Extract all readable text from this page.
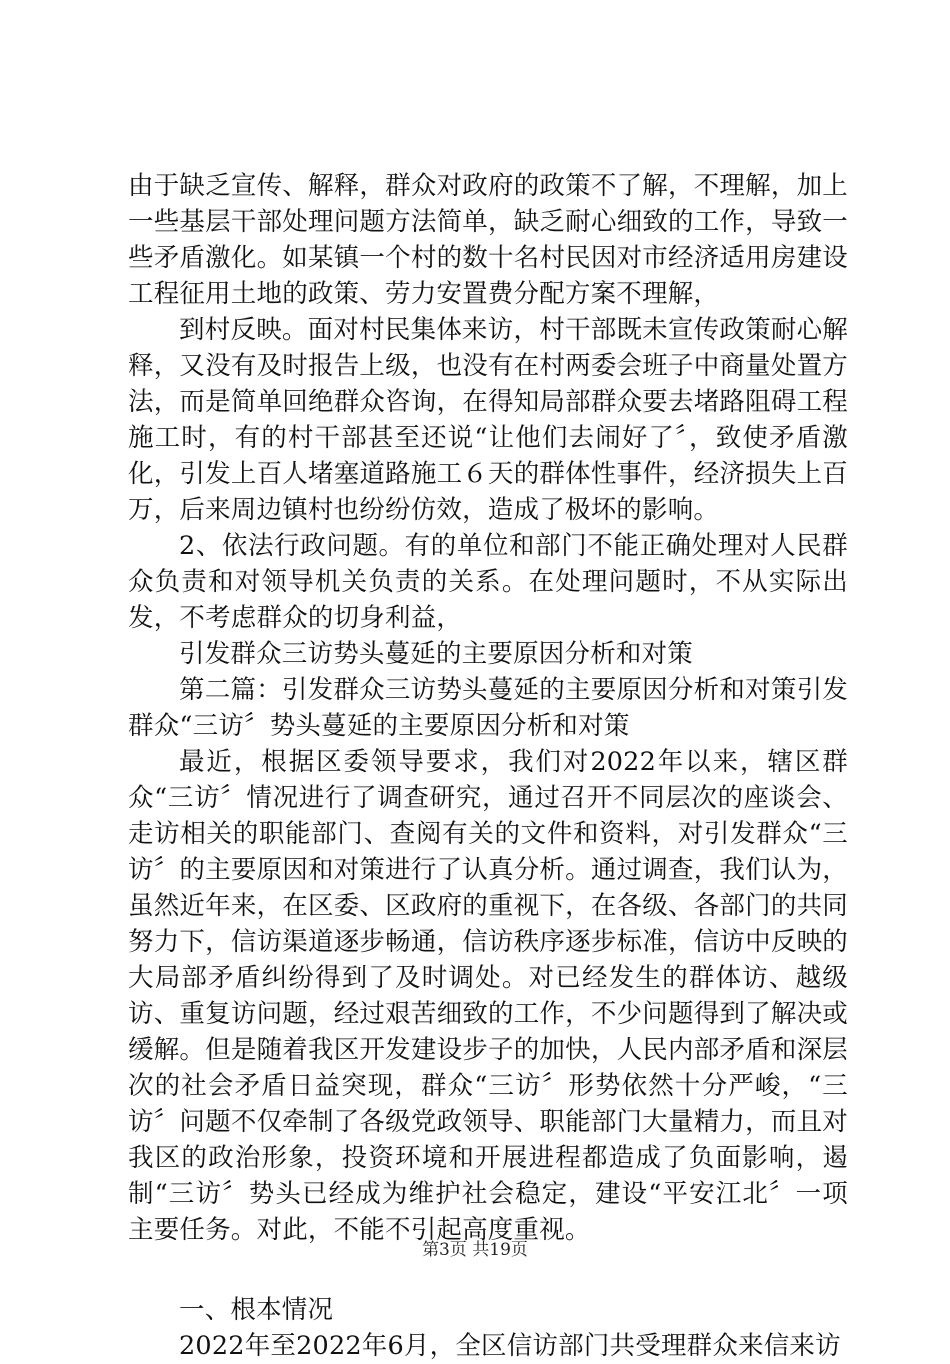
由于缺乏宣传、解释，群众对政府的政策不了解，不理解，加上一些基层干部处理问题方法简单，缺乏耐心细致的工作，导致一些矛盾激化。如某镇一个村的数十名村民因对市经济适用房建设工程征用土地的政策、劳力安置费分配方案不理解，

到村反映。面对村民集体来访，村干部既未宣传政策耐心解释，又没有及时报告上级，也没有在村两委会班子中商量处置方法，而是简单回绝群众咨询，在得知局部群众要去堵路阻碍工程施工时，有的村干部甚至还说“让他们去闹好了〞，致使矛盾激化，引发上百人堵塞道路施工６天的群体性事件，经济损失上百万，后来周边镇村也纷纷仿效，造成了极坏的影响。

2、依法行政问题。有的单位和部门不能正确处理对人民群众负责和对领导机关负责的关系。在处理问题时，不从实际出发，不考虑群众的切身利益，

引发群众三访势头蔓延的主要原因分析和对策

第二篇：引发群众三访势头蔓延的主要原因分析和对策引发群众“三访〞势头蔓延的主要原因分析和对策

最近，根据区委领导要求，我们对2022年以来，辖区群众“三访〞情况进行了调查研究，通过召开不同层次的座谈会、走访相关的职能部门、查阅有关的文件和资料，对引发群众“三访〞的主要原因和对策进行了认真分析。通过调查，我们认为，虽然近年来，在区委、区政府的重视下，在各级、各部门的共同努力下，信访渠道逐步畅通，信访秩序逐步标准，信访中反映的大局部矛盾纠纷得到了及时调处。对已经发生的群体访、越级访、重复访问题，经过艰苦细致的工作，不少问题得到了解决或缓解。但是随着我区开发建设步子的加快，人民内部矛盾和深层次的社会矛盾日益突现，群众“三访〞形势依然十分严峻，“三访〞问题不仅牵制了各级党政领导、职能部门大量精力，而且对我区的政治形象，投资环境和开展进程都造成了负面影响，遏制“三访〞势头已经成为维护社会稳定，建设“平安江北〞一项主要任务。对此，不能不引起高度重视。

一、根本情况

2022年至2022年6月，全区信访部门共受理群众来信来访

第3页 共19页
